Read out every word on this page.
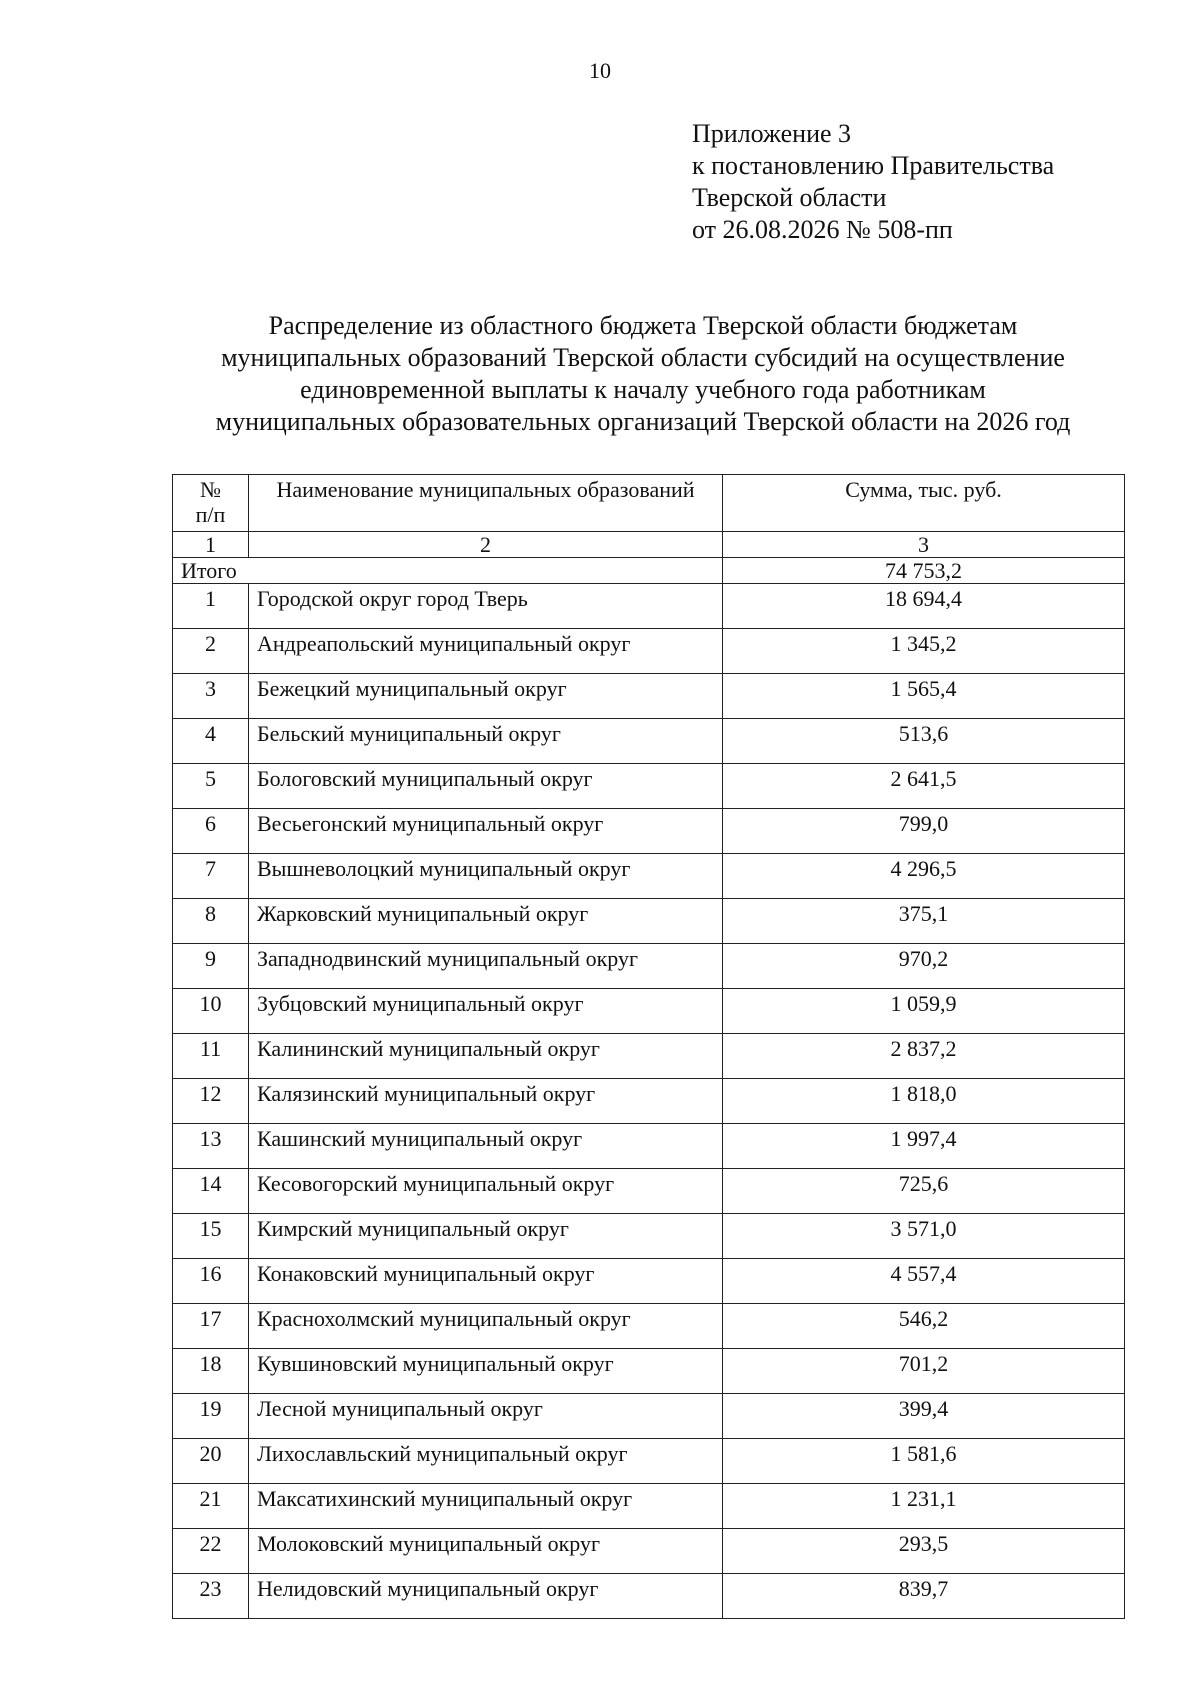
10
Приложение 3
к постановлению Правительства
Тверской области
от 26.08.2026 № 508-пп
Распределение из областного бюджета Тверской области бюджетам
муниципальных образований Тверской области субсидий на осуществление
единовременной выплаты к началу учебного года работникам
муниципальных образовательных организаций Тверской области на 2026 год
№
п/п	Наименование муниципальных образований	Сумма, тыс. руб.
1	2	3
Итого		74 753,2
1	Городской округ город Тверь	18 694,4
2	Андреапольский муниципальный округ	1 345,2
3	Бежецкий муниципальный округ	1 565,4
4	Бельский муниципальный округ	513,6
5	Бологовский муниципальный округ	2 641,5
6	Весьегонский муниципальный округ	799,0
7	Вышневолоцкий муниципальный округ	4 296,5
8	Жарковский муниципальный округ	375,1
9	Западнодвинский муниципальный округ	970,2
10	Зубцовский муниципальный округ	1 059,9
11	Калининский муниципальный округ	2 837,2
12	Калязинский муниципальный округ	1 818,0
13	Кашинский муниципальный округ	1 997,4
14	Кесовогорский муниципальный округ	725,6
15	Кимрский муниципальный округ	3 571,0
16	Конаковский муниципальный округ	4 557,4
17	Краснохолмский муниципальный округ	546,2
18	Кувшиновский муниципальный округ	701,2
19	Лесной муниципальный округ	399,4
20	Лихославльский муниципальный округ	1 581,6
21	Максатихинский муниципальный округ	1 231,1
22	Молоковский муниципальный округ	293,5
23	Нелидовский муниципальный округ	839,7
